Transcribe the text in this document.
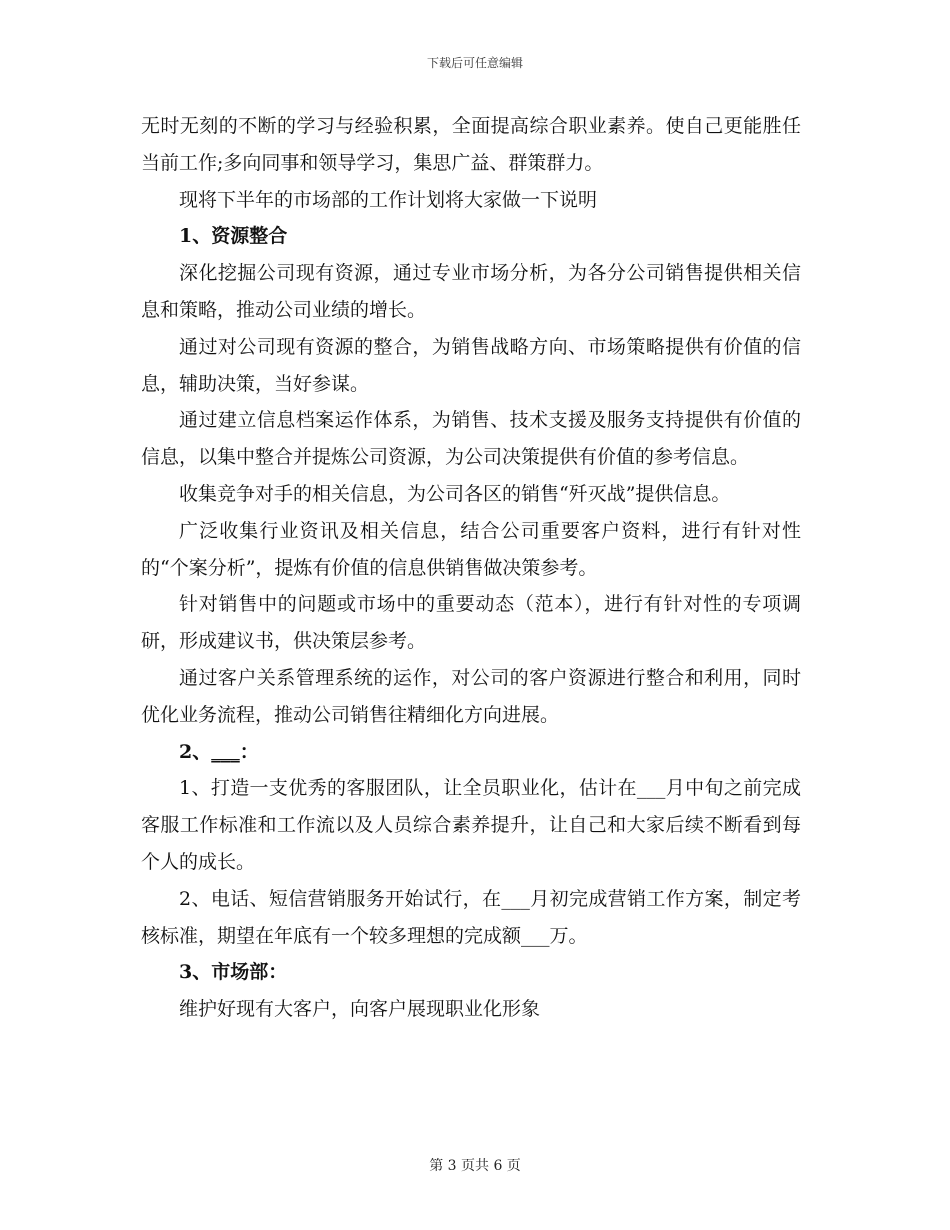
下载后可任意编辑

无时无刻的不断的学习与经验积累，全面提高综合职业素养。使自己更能胜任当前工作;多向同事和领导学习，集思广益、群策群力。

现将下半年的市场部的工作计划将大家做一下说明

1、资源整合

深化挖掘公司现有资源，通过专业市场分析，为各分公司销售提供相关信息和策略，推动公司业绩的增长。

通过对公司现有资源的整合，为销售战略方向、市场策略提供有价值的信息，辅助决策，当好参谋。

通过建立信息档案运作体系，为销售、技术支援及服务支持提供有价值的信息，以集中整合并提炼公司资源，为公司决策提供有价值的参考信息。

收集竞争对手的相关信息，为公司各区的销售“歼灭战”提供信息。

广泛收集行业资讯及相关信息，结合公司重要客户资料，进行有针对性的“个案分析”，提炼有价值的信息供销售做决策参考。

针对销售中的问题或市场中的重要动态（范本），进行有针对性的专项调研，形成建议书，供决策层参考。

通过客户关系管理系统的运作，对公司的客户资源进行整合和利用，同时优化业务流程，推动公司销售往精细化方向进展。

2、___：

1、打造一支优秀的客服团队，让全员职业化，估计在___月中旬之前完成客服工作标准和工作流以及人员综合素养提升，让自己和大家后续不断看到每个人的成长。

2、电话、短信营销服务开始试行，在___月初完成营销工作方案，制定考核标准，期望在年底有一个较多理想的完成额___万。

3、市场部：

维护好现有大客户，向客户展现职业化形象

第 3 页共 6 页
